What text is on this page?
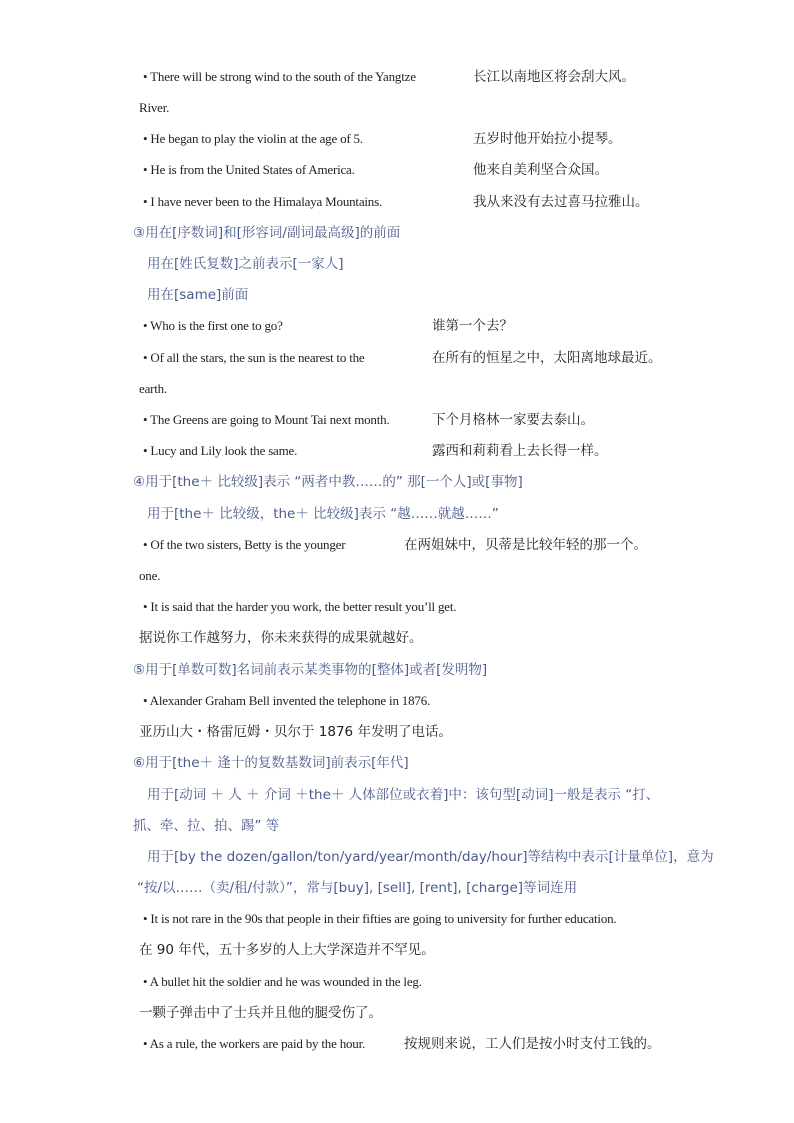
• There will be strong wind to the south of the Yangtze	长江以南地区将会刮大风。
River.
• He began to play the violin at the age of 5.	五岁时他开始拉小提琴。
• He is from the United States of America.	他来自美利坚合众国。
• I have never been to the Himalaya Mountains.	我从来没有去过喜马拉雅山。
③用在[序数词]和[形容词/副词最高级]的前面
用在[姓氏复数]之前表示[一家人]
用在[same]前面
• Who is the first one to go?	谁第一个去？
• Of all the stars, the sun is the nearest to the	在所有的恒星之中，太阳离地球最近。
earth.
• The Greens are going to Mount Tai next month.	下个月格林一家要去泰山。
• Lucy and Lily look the same.	露西和莉莉看上去长得一样。
④用于[the＋ 比较级]表示 “两者中教……的” 那[一个人]或[事物]
用于[the＋ 比较级，the＋ 比较级]表示 “越……就越……”
• Of the two sisters, Betty is the younger	在两姐妹中，贝蒂是比较年轻的那一个。
one.
• It is said that the harder you work, the better result you’ll get.
据说你工作越努力，你未来获得的成果就越好。
⑤用于[单数可数]名词前表示某类事物的[整体]或者[发明物]
• Alexander Graham Bell invented the telephone in 1876.
亚历山大・格雷厄姆・贝尔于 1876 年发明了电话。
⑥用于[the＋ 逢十的复数基数词]前表示[年代]
用于[动词 ＋ 人 ＋ 介词 ＋the＋ 人体部位或衣着]中：该句型[动词]一般是表示 “打、
抓、牵、拉、拍、踢” 等
用于[by the dozen/gallon/ton/yard/year/month/day/hour]等结构中表示[计量单位]，意为
“按/以……（卖/租/付款）”，常与[buy], [sell], [rent], [charge]等词连用
• It is not rare in the 90s that people in their fifties are going to university for further education.
在 90 年代，五十多岁的人上大学深造并不罕见。
• A bullet hit the soldier and he was wounded in the leg.
一颗子弹击中了士兵并且他的腿受伤了。
• As a rule, the workers are paid by the hour.	按规则来说，工人们是按小时支付工钱的。
